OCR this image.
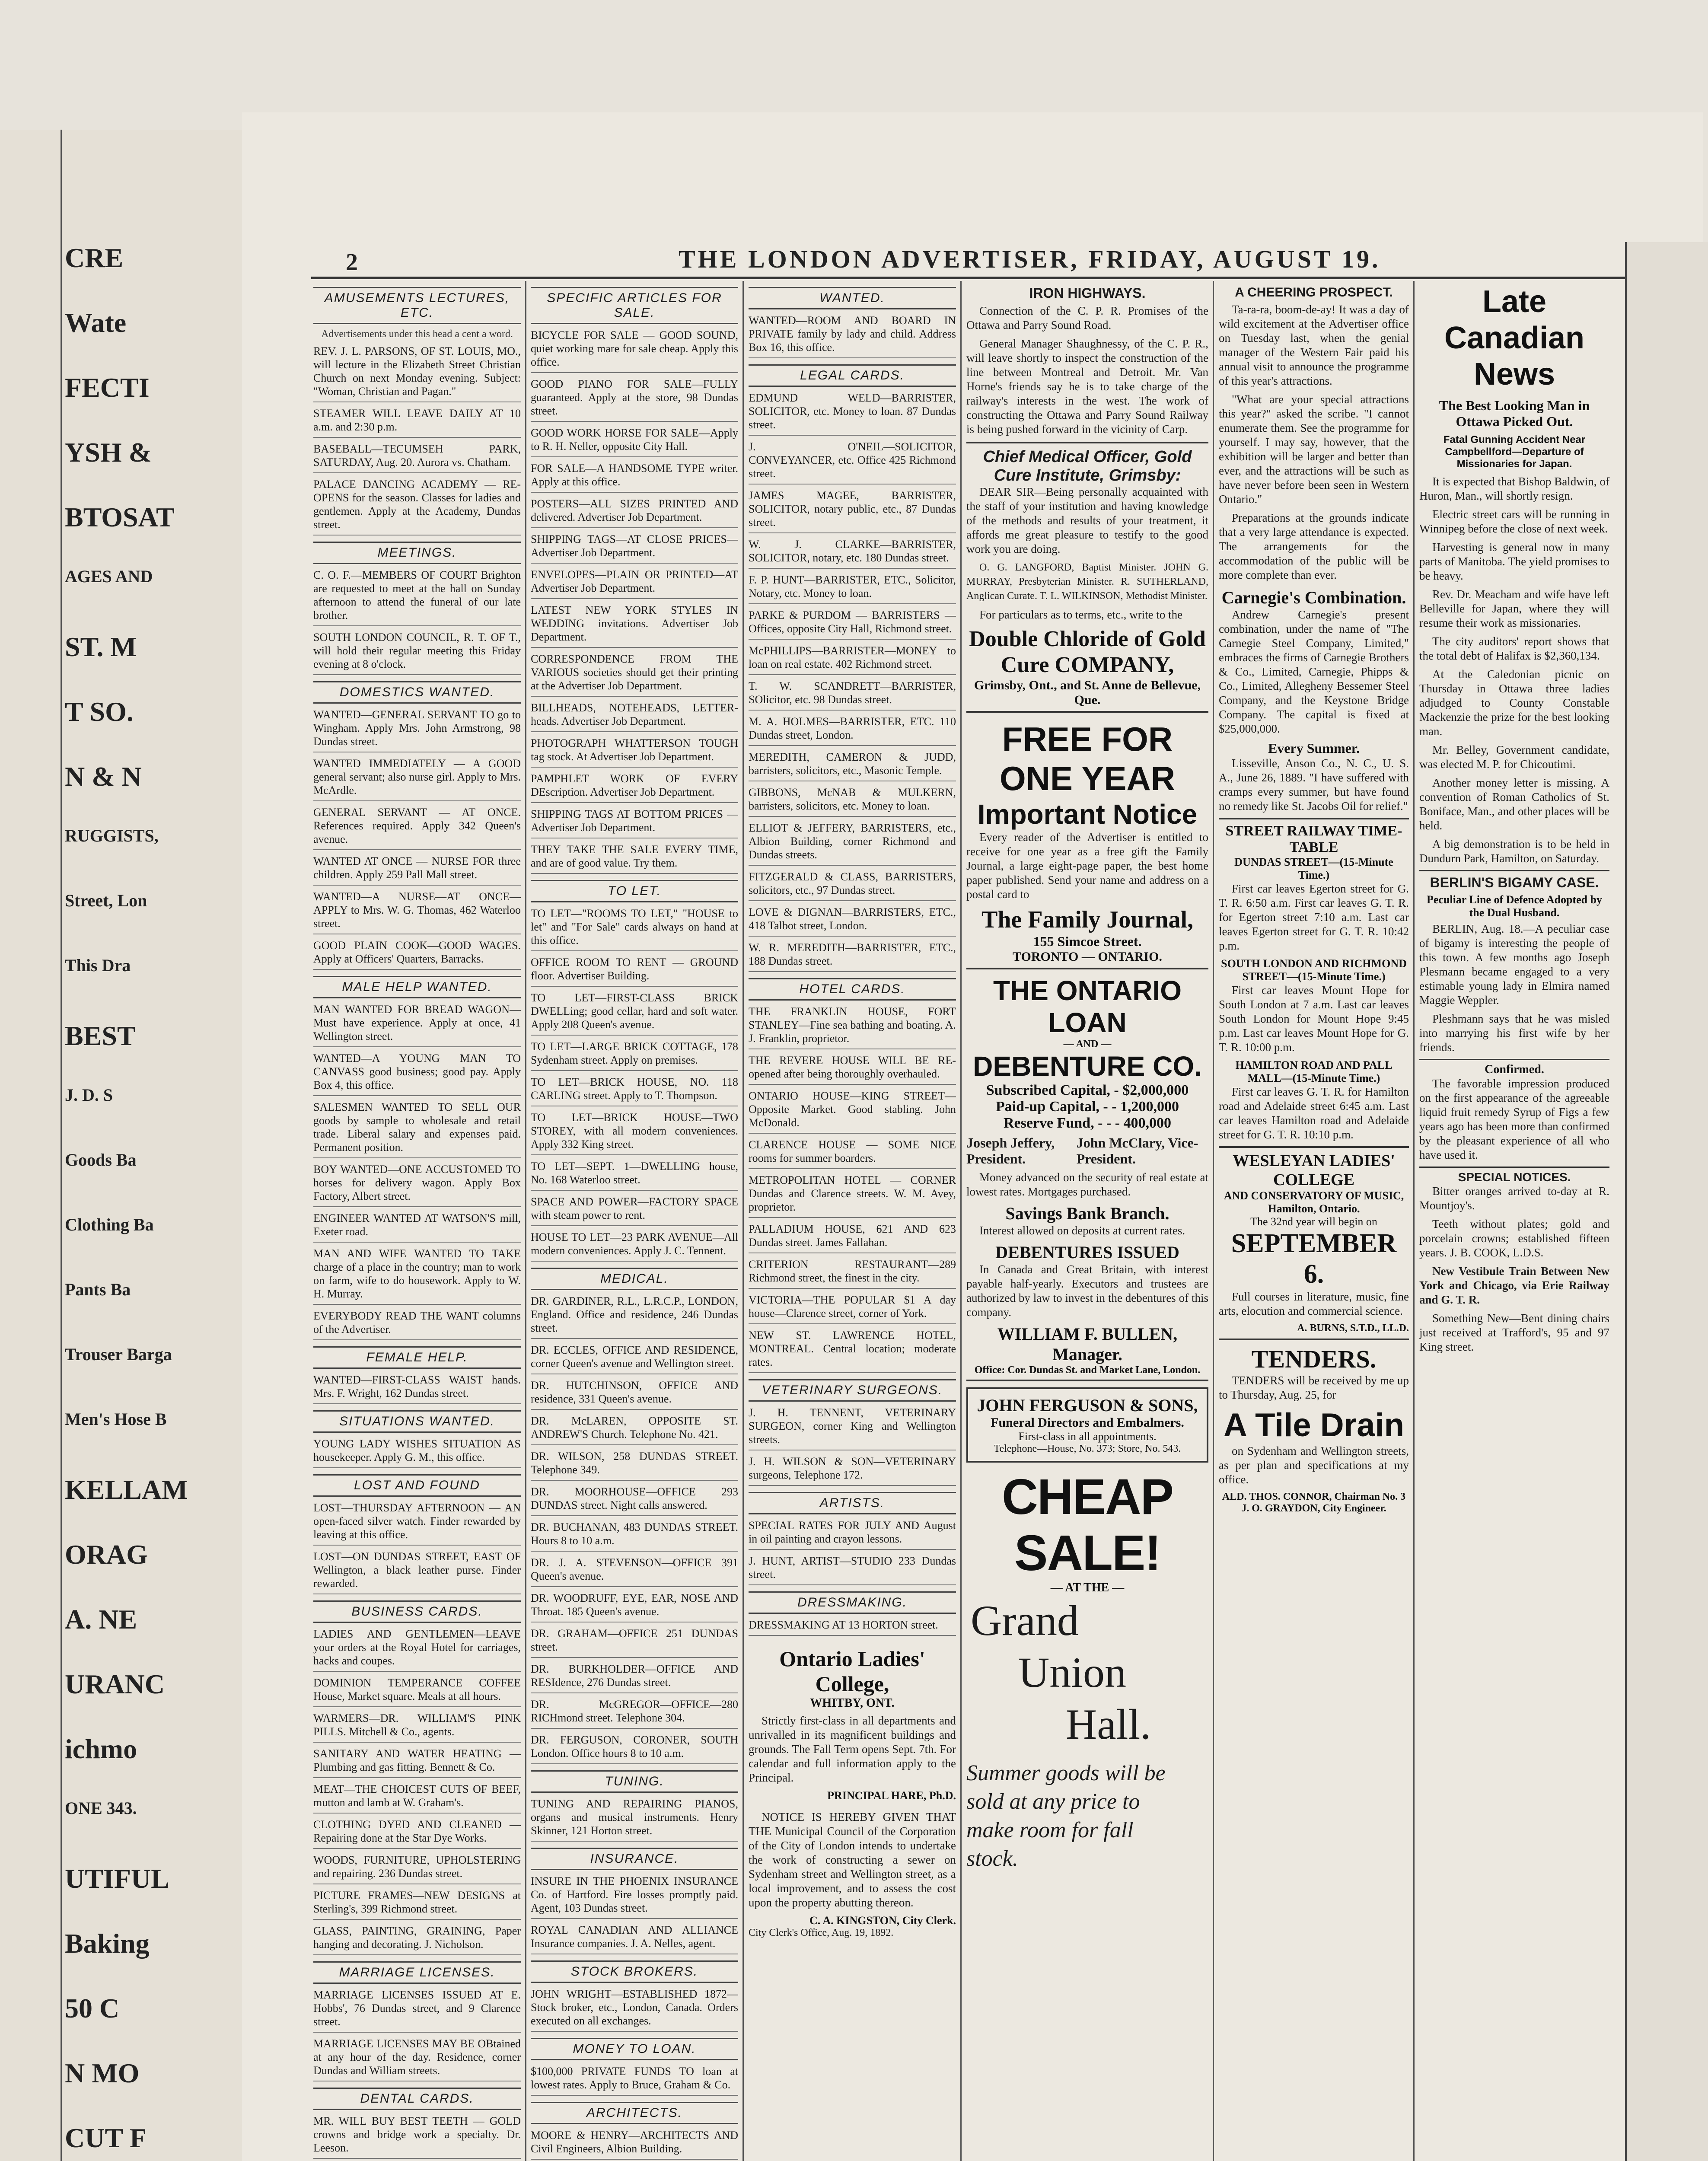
2	THE LONDON ADVERTISER, FRIDAY, AUGUST 19.
AMUSEMENTS LECTURES, ETC.
Advertisements under this head a cent a word.
REV. J. L. PARSONS, OF ST. LOUIS, MO., will lecture in the Elizabeth Street Christian Church on next Monday evening. Subject: "Woman, Christian and Pagan."
STEAMER WILL LEAVE DAILY AT 10 a.m. and 2:30 p.m.
BASEBALL—TECUMSEH PARK, SATURDAY, Aug. 20. Aurora vs. Chatham.
PALACE DANCING ACADEMY — RE-OPENS for the season. Classes for ladies and gentlemen. Apply at the Academy, Dundas street.
MEETINGS.
C. O. F.—MEMBERS OF COURT Brighton are requested to meet at the hall on Sunday afternoon to attend the funeral of our late brother.
SOUTH LONDON COUNCIL, R. T. OF T., will hold their regular meeting this Friday evening at 8 o'clock.
DOMESTICS WANTED.
WANTED—GENERAL SERVANT TO go to Wingham. Apply Mrs. John Armstrong, 98 Dundas street.
WANTED IMMEDIATELY — A GOOD general servant; also nurse girl. Apply to Mrs. McArdle.
GENERAL SERVANT — AT ONCE. References required. Apply 342 Queen's avenue.
WANTED AT ONCE — NURSE FOR three children. Apply 259 Pall Mall street.
WANTED—A NURSE—AT ONCE—APPLY to Mrs. W. G. Thomas, 462 Waterloo street.
GOOD PLAIN COOK—GOOD WAGES. Apply at Officers' Quarters, Barracks.
MALE HELP WANTED.
MAN WANTED FOR BREAD WAGON—Must have experience. Apply at once, 41 Wellington street.
WANTED—A YOUNG MAN TO CANVASS good business; good pay. Apply Box 4, this office.
SALESMEN WANTED TO SELL OUR goods by sample to wholesale and retail trade. Liberal salary and expenses paid. Permanent position.
BOY WANTED—ONE ACCUSTOMED TO horses for delivery wagon. Apply Box Factory, Albert street.
ENGINEER WANTED AT WATSON'S mill, Exeter road.
MAN AND WIFE WANTED TO TAKE charge of a place in the country; man to work on farm, wife to do housework. Apply to W. H. Murray.
EVERYBODY READ THE WANT columns of the Advertiser.
FEMALE HELP.
WANTED—FIRST-CLASS WAIST hands. Mrs. F. Wright, 162 Dundas street.
SITUATIONS WANTED.
YOUNG LADY WISHES SITUATION AS housekeeper. Apply G. M., this office.
LOST AND FOUND
LOST—THURSDAY AFTERNOON — AN open-faced silver watch. Finder rewarded by leaving at this office.
LOST—ON DUNDAS STREET, EAST OF Wellington, a black leather purse. Finder rewarded.
BUSINESS CARDS.
LADIES AND GENTLEMEN—LEAVE your orders at the Royal Hotel for carriages, hacks and coupes.
DOMINION TEMPERANCE COFFEE House, Market square. Meals at all hours.
WARMERS—DR. WILLIAM'S PINK PILLS. Mitchell & Co., agents.
SANITARY AND WATER HEATING — Plumbing and gas fitting. Bennett & Co.
MEAT—THE CHOICEST CUTS OF BEEF, mutton and lamb at W. Graham's.
CLOTHING DYED AND CLEANED — Repairing done at the Star Dye Works.
WOODS, FURNITURE, UPHOLSTERING and repairing. 236 Dundas street.
PICTURE FRAMES—NEW DESIGNS at Sterling's, 399 Richmond street.
GLASS, PAINTING, GRAINING, Paper hanging and decorating. J. Nicholson.
MARRIAGE LICENSES.
MARRIAGE LICENSES ISSUED AT E. Hobbs', 76 Dundas street, and 9 Clarence street.
MARRIAGE LICENSES MAY BE OBtained at any hour of the day. Residence, corner Dundas and William streets.
DENTAL CARDS.
MR. WILL BUY BEST TEETH — GOLD crowns and bridge work a specialty. Dr. Leeson.
SPECIFIC ARTICLES FOR SALE.
BICYCLE FOR SALE — GOOD SOUND, quiet working mare for sale cheap. Apply this office.
GOOD PIANO FOR SALE—FULLY guaranteed. Apply at the store, 98 Dundas street.
GOOD WORK HORSE FOR SALE—Apply to R. H. Neller, opposite City Hall.
FOR SALE—A HANDSOME TYPE writer. Apply at this office.
POSTERS—ALL SIZES PRINTED AND delivered. Advertiser Job Department.
SHIPPING TAGS—AT CLOSE PRICES—Advertiser Job Department.
ENVELOPES—PLAIN OR PRINTED—AT Advertiser Job Department.
LATEST NEW YORK STYLES IN WEDDING invitations. Advertiser Job Department.
CORRESPONDENCE FROM THE VARIOUS societies should get their printing at the Advertiser Job Department.
BILLHEADS, NOTEHEADS, LETTER-heads. Advertiser Job Department.
PHOTOGRAPH WHATTERSON TOUGH tag stock. At Advertiser Job Department.
PAMPHLET WORK OF EVERY DEscription. Advertiser Job Department.
SHIPPING TAGS AT BOTTOM PRICES — Advertiser Job Department.
THEY TAKE THE SALE EVERY TIME, and are of good value. Try them.
TO LET.
TO LET—"ROOMS TO LET," "HOUSE to let" and "For Sale" cards always on hand at this office.
OFFICE ROOM TO RENT — GROUND floor. Advertiser Building.
TO LET—FIRST-CLASS BRICK DWELLing; good cellar, hard and soft water. Apply 208 Queen's avenue.
TO LET—LARGE BRICK COTTAGE, 178 Sydenham street. Apply on premises.
TO LET—BRICK HOUSE, NO. 118 CARLING street. Apply to T. Thompson.
TO LET—BRICK HOUSE—TWO STOREY, with all modern conveniences. Apply 332 King street.
TO LET—SEPT. 1—DWELLING house, No. 168 Waterloo street.
SPACE AND POWER—FACTORY SPACE with steam power to rent.
HOUSE TO LET—23 PARK AVENUE—All modern conveniences. Apply J. C. Tennent.
MEDICAL.
DR. GARDINER, R.L., L.R.C.P., LONDON, England. Office and residence, 246 Dundas street.
DR. ECCLES, OFFICE AND RESIDENCE, corner Queen's avenue and Wellington street.
DR. HUTCHINSON, OFFICE AND residence, 331 Queen's avenue.
DR. McLAREN, OPPOSITE ST. ANDREW'S Church. Telephone No. 421.
DR. WILSON, 258 DUNDAS STREET. Telephone 349.
DR. MOORHOUSE—OFFICE 293 DUNDAS street. Night calls answered.
DR. BUCHANAN, 483 DUNDAS STREET. Hours 8 to 10 a.m.
DR. J. A. STEVENSON—OFFICE 391 Queen's avenue.
DR. WOODRUFF, EYE, EAR, NOSE AND Throat. 185 Queen's avenue.
DR. GRAHAM—OFFICE 251 DUNDAS street.
DR. BURKHOLDER—OFFICE AND RESIdence, 276 Dundas street.
DR. McGREGOR—OFFICE—280 RICHmond street. Telephone 304.
DR. FERGUSON, CORONER, SOUTH London. Office hours 8 to 10 a.m.
TUNING.
TUNING AND REPAIRING PIANOS, organs and musical instruments. Henry Skinner, 121 Horton street.
INSURANCE.
INSURE IN THE PHOENIX INSURANCE Co. of Hartford. Fire losses promptly paid. Agent, 103 Dundas street.
ROYAL CANADIAN AND ALLIANCE Insurance companies. J. A. Nelles, agent.
STOCK BROKERS.
JOHN WRIGHT—ESTABLISHED 1872—Stock broker, etc., London, Canada. Orders executed on all exchanges.
MONEY TO LOAN.
$100,000 PRIVATE FUNDS TO loan at lowest rates. Apply to Bruce, Graham & Co.
ARCHITECTS.
MOORE & HENRY—ARCHITECTS AND Civil Engineers, Albion Building.
WANTED.
WANTED—ROOM AND BOARD IN PRIVATE family by lady and child. Address Box 16, this office.
LEGAL CARDS.
EDMUND WELD—BARRISTER, SOLICITOR, etc. Money to loan. 87 Dundas street.
J. O'NEIL—SOLICITOR, CONVEYANCER, etc. Office 425 Richmond street.
JAMES MAGEE, BARRISTER, SOLICITOR, notary public, etc., 87 Dundas street.
W. J. CLARKE—BARRISTER, SOLICITOR, notary, etc. 180 Dundas street.
F. P. HUNT—BARRISTER, ETC., Solicitor, Notary, etc. Money to loan.
PARKE & PURDOM — BARRISTERS — Offices, opposite City Hall, Richmond street.
McPHILLIPS—BARRISTER—MONEY to loan on real estate. 402 Richmond street.
T. W. SCANDRETT—BARRISTER, SOlicitor, etc. 98 Dundas street.
M. A. HOLMES—BARRISTER, ETC. 110 Dundas street, London.
MEREDITH, CAMERON & JUDD, barristers, solicitors, etc., Masonic Temple.
GIBBONS, McNAB & MULKERN, barristers, solicitors, etc. Money to loan.
ELLIOT & JEFFERY, BARRISTERS, etc., Albion Building, corner Richmond and Dundas streets.
FITZGERALD & CLASS, BARRISTERS, solicitors, etc., 97 Dundas street.
LOVE & DIGNAN—BARRISTERS, ETC., 418 Talbot street, London.
W. R. MEREDITH—BARRISTER, ETC., 188 Dundas street.
HOTEL CARDS.
THE FRANKLIN HOUSE, FORT STANLEY—Fine sea bathing and boating. A. J. Franklin, proprietor.
THE REVERE HOUSE WILL BE RE-opened after being thoroughly overhauled.
ONTARIO HOUSE—KING STREET—Opposite Market. Good stabling. John McDonald.
CLARENCE HOUSE — SOME NICE rooms for summer boarders.
METROPOLITAN HOTEL — CORNER Dundas and Clarence streets. W. M. Avey, proprietor.
PALLADIUM HOUSE, 621 AND 623 Dundas street. James Fallahan.
CRITERION RESTAURANT—289 Richmond street, the finest in the city.
VICTORIA—THE POPULAR $1 A day house—Clarence street, corner of York.
NEW ST. LAWRENCE HOTEL, MONTREAL. Central location; moderate rates.
VETERINARY SURGEONS.
J. H. TENNENT, VETERINARY SURGEON, corner King and Wellington streets.
J. H. WILSON & SON—VETERINARY surgeons, Telephone 172.
ARTISTS.
SPECIAL RATES FOR JULY AND August in oil painting and crayon lessons.
J. HUNT, ARTIST—STUDIO 233 Dundas street.
DRESSMAKING.
DRESSMAKING AT 13 HORTON street.
Ontario Ladies' College,
WHITBY, ONT.
Strictly first-class in all departments and unrivalled in its magnificent buildings and grounds. The Fall Term opens Sept. 7th. For calendar and full information apply to the Principal.
PRINCIPAL HARE, Ph.D.
NOTICE IS HEREBY GIVEN THAT THE Municipal Council of the Corporation of the City of London intends to undertake the work of constructing a sewer on Sydenham street and Wellington street, as a local improvement, and to assess the cost upon the property abutting thereon.
C. A. KINGSTON, City Clerk.
City Clerk's Office, Aug. 19, 1892.
IRON HIGHWAYS.
Connection of the C. P. R. Promises of the Ottawa and Parry Sound Road.
General Manager Shaughnessy, of the C. P. R., will leave shortly to inspect the construction of the line between Montreal and Detroit. Mr. Van Horne's friends say he is to take charge of the railway's interests in the west. The work of constructing the Ottawa and Parry Sound Railway is being pushed forward in the vicinity of Carp.
Chief Medical Officer, Gold Cure Institute, Grimsby:
DEAR SIR—Being personally acquainted with the staff of your institution and having knowledge of the methods and results of your treatment, it affords me great pleasure to testify to the good work you are doing.
O. G. LANGFORD, Baptist Minister. JOHN G. MURRAY, Presbyterian Minister. R. SUTHERLAND, Anglican Curate. T. L. WILKINSON, Methodist Minister.
For particulars as to terms, etc., write to the
Double Chloride of Gold Cure COMPANY,
Grimsby, Ont., and St. Anne de Bellevue, Que.
FREE FOR ONE YEAR
Important Notice
Every reader of the Advertiser is entitled to receive for one year as a free gift the Family Journal, a large eight-page paper, the best home paper published. Send your name and address on a postal card to
The Family Journal,
155 Simcoe Street.
TORONTO — ONTARIO.
THE ONTARIO LOAN
— AND —
DEBENTURE CO.
Subscribed Capital, - $2,000,000
Paid-up Capital, - - 1,200,000
Reserve Fund, - - - 400,000
Joseph Jeffery, President.
John McClary, Vice-President.
Money advanced on the security of real estate at lowest rates. Mortgages purchased.
Savings Bank Branch.
Interest allowed on deposits at current rates.
DEBENTURES ISSUED
In Canada and Great Britain, with interest payable half-yearly. Executors and trustees are authorized by law to invest in the debentures of this company.
WILLIAM F. BULLEN, Manager.
Office: Cor. Dundas St. and Market Lane, London.
JOHN FERGUSON & SONS,
Funeral Directors and Embalmers.
First-class in all appointments.
Telephone—House, No. 373; Store, No. 543.
CHEAP SALE!
— AT THE —
Grand
Union
Hall.
Summer goods will be
sold at any price to
make room for fall
stock.
A CHEERING PROSPECT.
Ta-ra-ra, boom-de-ay! It was a day of wild excitement at the Advertiser office on Tuesday last, when the genial manager of the Western Fair paid his annual visit to announce the programme of this year's attractions.
"What are your special attractions this year?" asked the scribe. "I cannot enumerate them. See the programme for yourself. I may say, however, that the exhibition will be larger and better than ever, and the attractions will be such as have never before been seen in Western Ontario."
Preparations at the grounds indicate that a very large attendance is expected. The arrangements for the accommodation of the public will be more complete than ever.
Carnegie's Combination.
Andrew Carnegie's present combination, under the name of "The Carnegie Steel Company, Limited," embraces the firms of Carnegie Brothers & Co., Limited, Carnegie, Phipps & Co., Limited, Allegheny Bessemer Steel Company, and the Keystone Bridge Company. The capital is fixed at $25,000,000.
Every Summer.
Lisseville, Anson Co., N. C., U. S. A., June 26, 1889. "I have suffered with cramps every summer, but have found no remedy like St. Jacobs Oil for relief."
STREET RAILWAY TIME-TABLE
DUNDAS STREET—(15-Minute Time.)
First car leaves Egerton street for G. T. R. 6:50 a.m. First car leaves G. T. R. for Egerton street 7:10 a.m. Last car leaves Egerton street for G. T. R. 10:42 p.m.
SOUTH LONDON AND RICHMOND STREET—(15-Minute Time.)
First car leaves Mount Hope for South London at 7 a.m. Last car leaves South London for Mount Hope 9:45 p.m. Last car leaves Mount Hope for G. T. R. 10:00 p.m.
HAMILTON ROAD AND PALL MALL—(15-Minute Time.)
First car leaves G. T. R. for Hamilton road and Adelaide street 6:45 a.m. Last car leaves Hamilton road and Adelaide street for G. T. R. 10:10 p.m.
WESLEYAN LADIES' COLLEGE
AND CONSERVATORY OF MUSIC, Hamilton, Ontario.
The 32nd year will begin on
SEPTEMBER 6.
Full courses in literature, music, fine arts, elocution and commercial science.
A. BURNS, S.T.D., LL.D.
TENDERS.
TENDERS will be received by me up to Thursday, Aug. 25, for
A Tile Drain
on Sydenham and Wellington streets, as per plan and specifications at my office.
ALD. THOS. CONNOR, Chairman No. 3
J. O. GRAYDON, City Engineer.
Late Canadian News
The Best Looking Man in
Ottawa Picked Out.
Fatal Gunning Accident Near Campbellford—Departure of Missionaries for Japan.
It is expected that Bishop Baldwin, of Huron, Man., will shortly resign.
Electric street cars will be running in Winnipeg before the close of next week.
Harvesting is general now in many parts of Manitoba. The yield promises to be heavy.
Rev. Dr. Meacham and wife have left Belleville for Japan, where they will resume their work as missionaries.
The city auditors' report shows that the total debt of Halifax is $2,360,134.
At the Caledonian picnic on Thursday in Ottawa three ladies adjudged to County Constable Mackenzie the prize for the best looking man.
Mr. Belley, Government candidate, was elected M. P. for Chicoutimi.
Another money letter is missing. A convention of Roman Catholics of St. Boniface, Man., and other places will be held.
A big demonstration is to be held in Dundurn Park, Hamilton, on Saturday.
BERLIN'S BIGAMY CASE.
Peculiar Line of Defence Adopted by the Dual Husband.
BERLIN, Aug. 18.—A peculiar case of bigamy is interesting the people of this town. A few months ago Joseph Plesmann became engaged to a very estimable young lady in Elmira named Maggie Weppler.
Pleshmann says that he was misled into marrying his first wife by her friends.
Confirmed.
The favorable impression produced on the first appearance of the agreeable liquid fruit remedy Syrup of Figs a few years ago has been more than confirmed by the pleasant experience of all who have used it.
SPECIAL NOTICES.
Bitter oranges arrived to-day at R. Mountjoy's.
Teeth without plates; gold and porcelain crowns; established fifteen years. J. B. COOK, L.D.S.
New Vestibule Train Between New York and Chicago, via Erie Railway and G. T. R.
Something New—Bent dining chairs just received at Trafford's, 95 and 97 King street.
CRE
Wate
FECTI
YSH &
BTOSAT
AGES AND
ST. M
T SO.
N & N
RUGGISTS,
Street, Lon
This Dra
BEST
J. D. S
Goods Ba
Clothing Ba
Pants Ba
Trouser Barga
Men's Hose B
KELLAM
ORAG
A. NE
URANC
ichmo
ONE 343.
UTIFUL
Baking
50 C
N MO
CUT F
